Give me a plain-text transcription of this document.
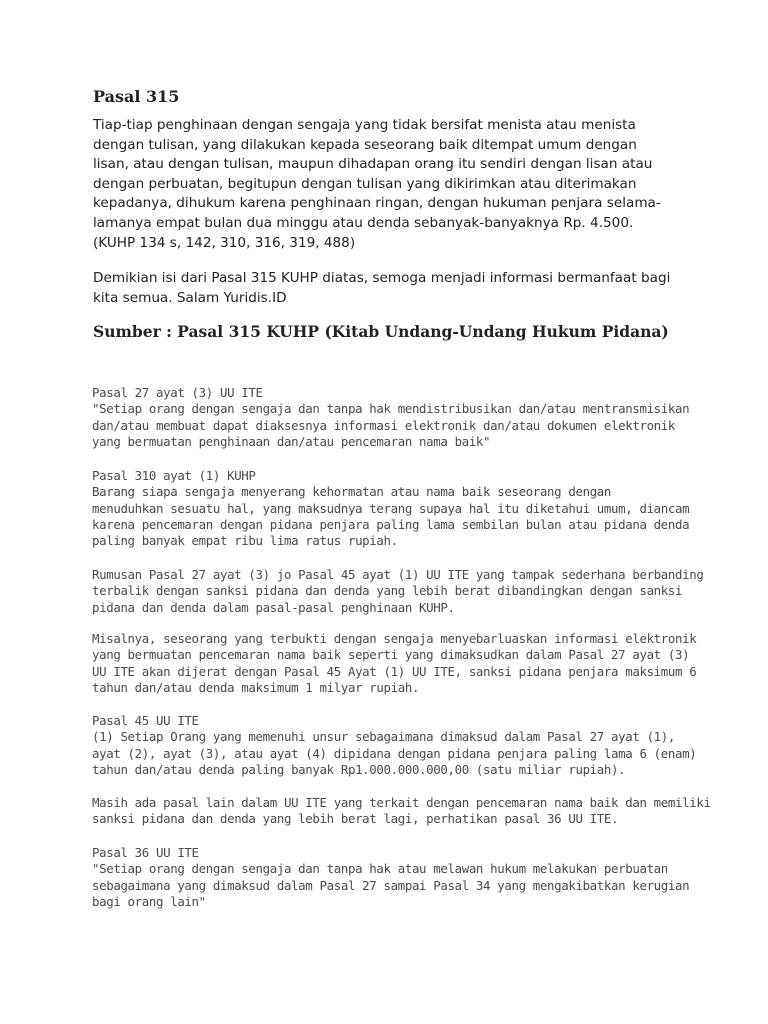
Pasal 315

Tiap-tiap penghinaan dengan sengaja yang tidak bersifat menista atau menista dengan tulisan, yang dilakukan kepada seseorang baik ditempat umum dengan lisan, atau dengan tulisan, maupun dihadapan orang itu sendiri dengan lisan atau dengan perbuatan, begitupun dengan tulisan yang dikirimkan atau diterimakan kepadanya, dihukum karena penghinaan ringan, dengan hukuman penjara selama-lamanya empat bulan dua minggu atau denda sebanyak-banyaknya Rp. 4.500. (KUHP 134 s, 142, 310, 316, 319, 488)

Demikian isi dari Pasal 315 KUHP diatas, semoga menjadi informasi bermanfaat bagi kita semua. Salam Yuridis.ID

Sumber : Pasal 315 KUHP (Kitab Undang-Undang Hukum Pidana)
Pasal 27 ayat (3) UU ITE
"Setiap orang dengan sengaja dan tanpa hak mendistribusikan dan/atau mentransmisikan
dan/atau membuat dapat diaksesnya informasi elektronik dan/atau dokumen elektronik
yang bermuatan penghinaan dan/atau pencemaran nama baik"
Pasal 310 ayat (1) KUHP
Barang siapa sengaja menyerang kehormatan atau nama baik seseorang dengan
menuduhkan sesuatu hal, yang maksudnya terang supaya hal itu diketahui umum, diancam
karena pencemaran dengan pidana penjara paling lama sembilan bulan atau pidana denda
paling banyak empat ribu lima ratus rupiah.
Rumusan Pasal 27 ayat (3) jo Pasal 45 ayat (1) UU ITE yang tampak sederhana berbanding
terbalik dengan sanksi pidana dan denda yang lebih berat dibandingkan dengan sanksi
pidana dan denda dalam pasal-pasal penghinaan KUHP.
Misalnya, seseorang yang terbukti dengan sengaja menyebarluaskan informasi elektronik
yang bermuatan pencemaran nama baik seperti yang dimaksudkan dalam Pasal 27 ayat (3)
UU ITE akan dijerat dengan Pasal 45 Ayat (1) UU ITE, sanksi pidana penjara maksimum 6
tahun dan/atau denda maksimum 1 milyar rupiah.
Pasal 45 UU ITE
(1) Setiap Orang yang memenuhi unsur sebagaimana dimaksud dalam Pasal 27 ayat (1),
ayat (2), ayat (3), atau ayat (4) dipidana dengan pidana penjara paling lama 6 (enam)
tahun dan/atau denda paling banyak Rp1.000.000.000,00 (satu miliar rupiah).
Masih ada pasal lain dalam UU ITE yang terkait dengan pencemaran nama baik dan memiliki
sanksi pidana dan denda yang lebih berat lagi, perhatikan pasal 36 UU ITE.
Pasal 36 UU ITE
"Setiap orang dengan sengaja dan tanpa hak atau melawan hukum melakukan perbuatan
sebagaimana yang dimaksud dalam Pasal 27 sampai Pasal 34 yang mengakibatkan kerugian
bagi orang lain"
